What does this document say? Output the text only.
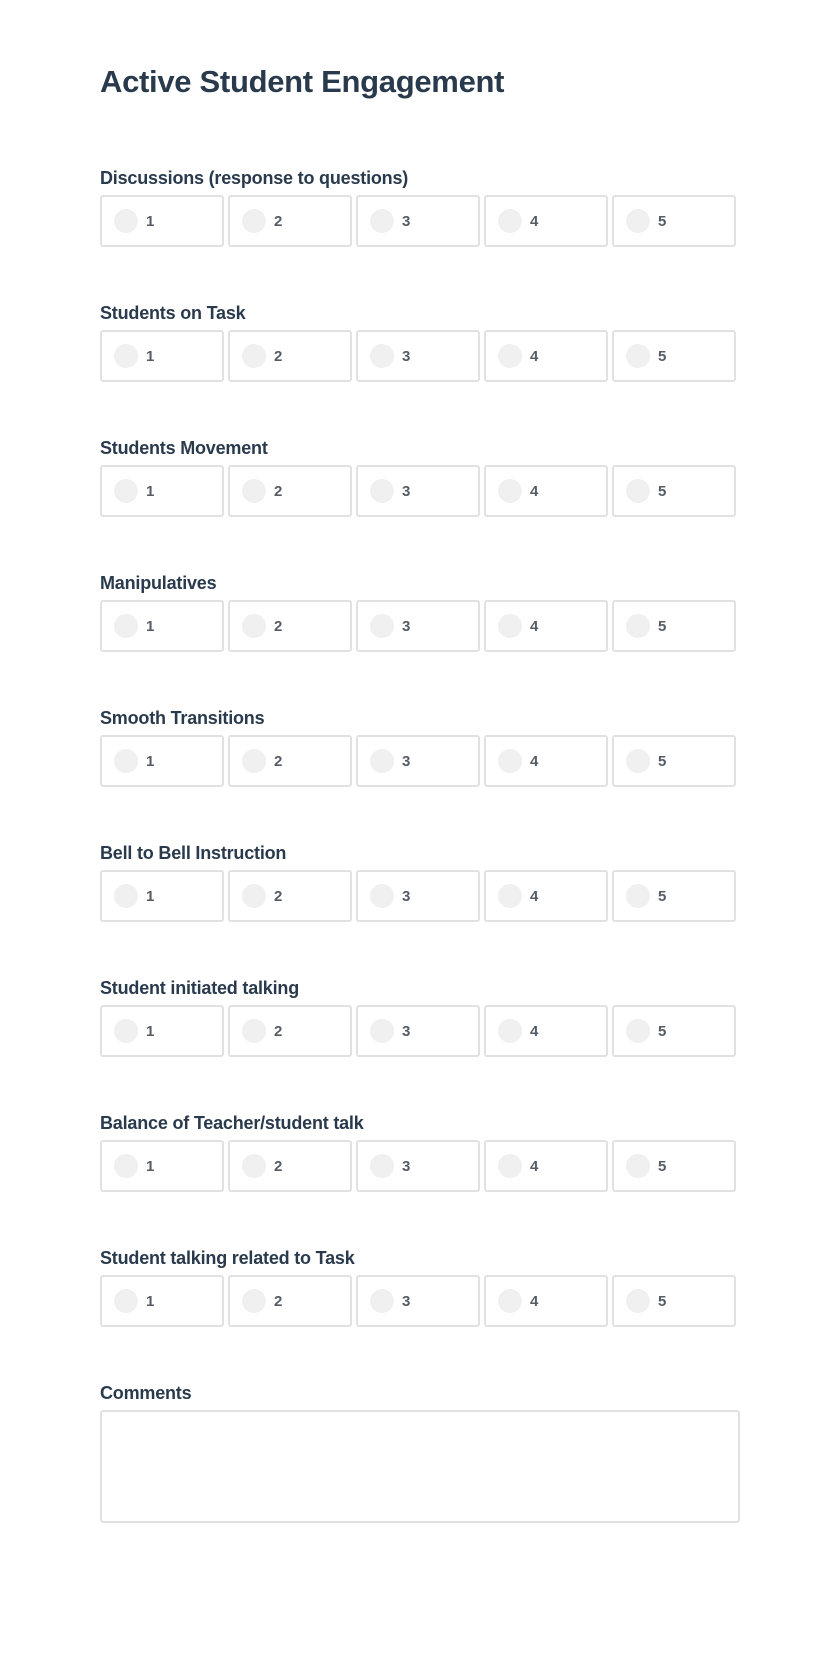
Active Student Engagement
Discussions (response to questions)
1	2	3	4	5
Students on Task
1	2	3	4	5
Students Movement
1	2	3	4	5
Manipulatives
1	2	3	4	5
Smooth Transitions
1	2	3	4	5
Bell to Bell Instruction
1	2	3	4	5
Student initiated talking
1	2	3	4	5
Balance of Teacher/student talk
1	2	3	4	5
Student talking related to Task
1	2	3	4	5
Comments
